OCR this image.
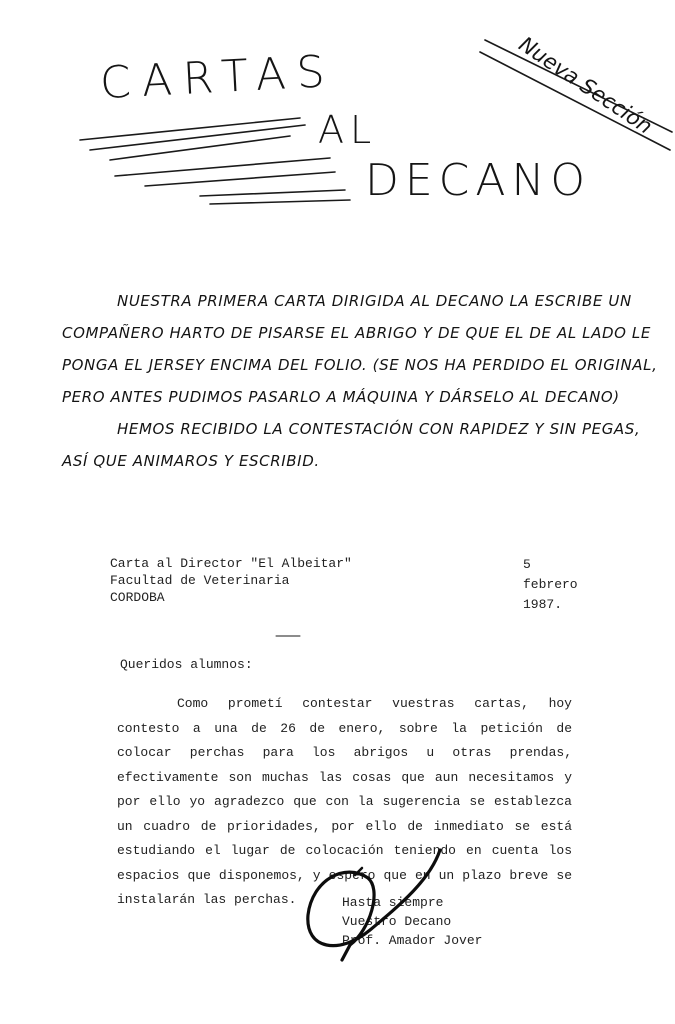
CARTAS
AL
DECANO
Nueva Sección

NUESTRA PRIMERA CARTA DIRIGIDA AL DECANO LA ESCRIBE UN COMPAÑERO HARTO DE PISARSE EL ABRIGO Y DE QUE EL DE AL LADO LE PONGA EL JERSEY ENCIMA DEL FOLIO. (SE NOS HA PERDIDO EL ORIGINAL, PERO ANTES PUDIMOS PASARLO A MÁQUINA Y DÁRSELO AL DECANO)

HEMOS RECIBIDO LA CONTESTACIÓN CON RAPIDEZ Y SIN PEGAS, ASÍ QUE ANIMAROS Y ESCRIBID.

Carta al Director "El Albeitar"
Facultad de Veterinaria
CORDOBA
5
febrero
1987.
Queridos alumnos:
Como prometí contestar vuestras cartas, hoy contesto a una de 26 de enero, sobre la petición de colocar perchas para los abrigos u otras prendas, efectivamente son muchas las cosas que aun necesitamos y por ello yo agradezco que con la sugerencia se establezca un cuadro de prioridades, por ello de inmediato se está estudiando el lugar de colocación teniendo en cuenta los espacios que disponemos, y espero que en un plazo breve se instalarán las perchas.	Hasta siempre
Vuestro Decano
Prof. Amador Jover
